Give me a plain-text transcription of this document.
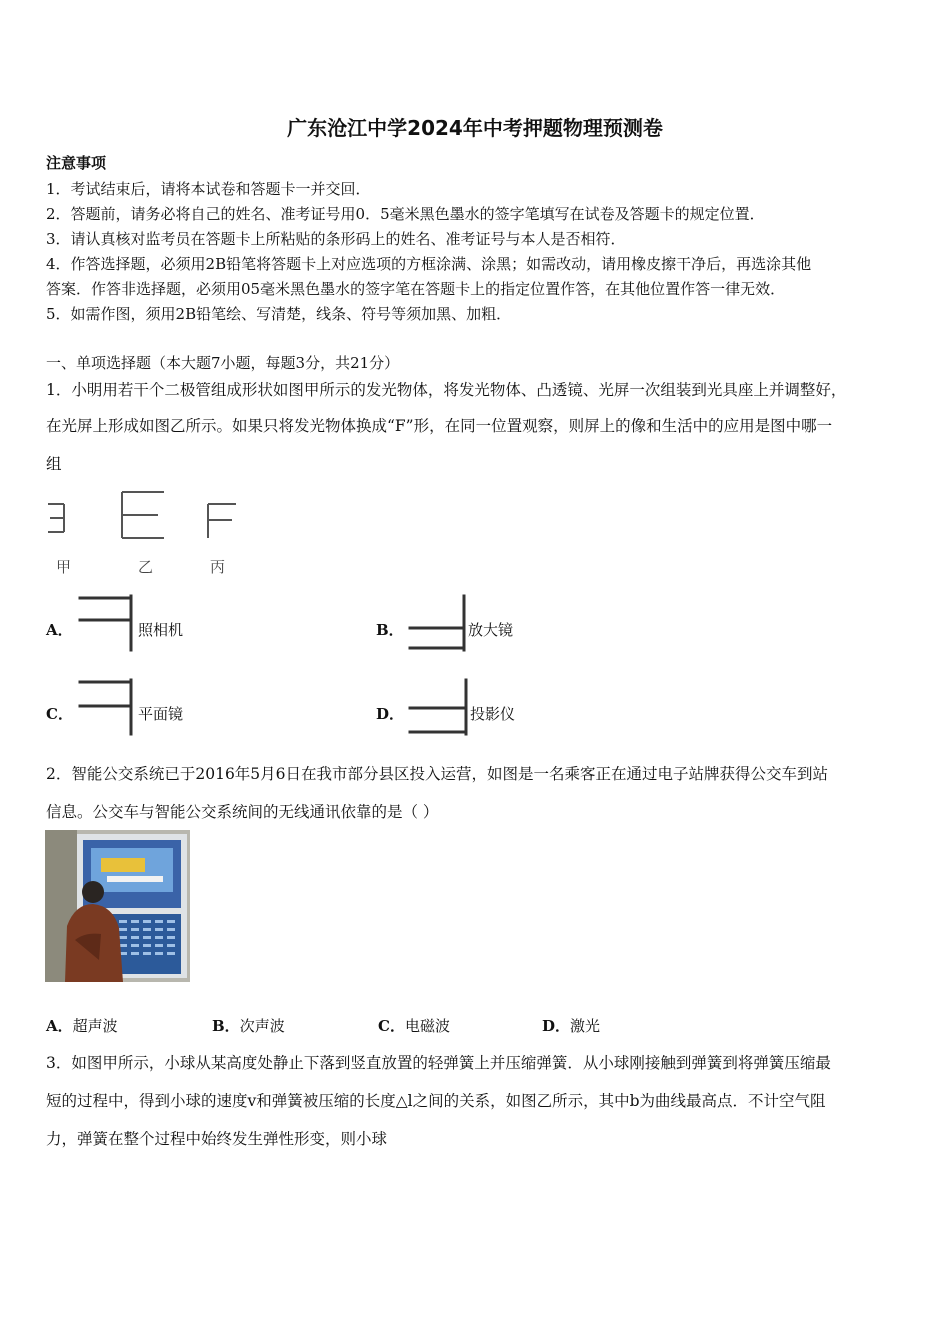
广东沧江中学2024年中考押题物理预测卷
注意事项
1．考试结束后，请将本试卷和答题卡一并交回．
2．答题前，请务必将自己的姓名、准考证号用0．5毫米黑色墨水的签字笔填写在试卷及答题卡的规定位置．
3．请认真核对监考员在答题卡上所粘贴的条形码上的姓名、准考证号与本人是否相符．
4．作答选择题，必须用2B铅笔将答题卡上对应选项的方框涂满、涂黑；如需改动，请用橡皮擦干净后，再选涂其他
答案．作答非选择题，必须用05毫米黑色墨水的签字笔在答题卡上的指定位置作答，在其他位置作答一律无效．
5．如需作图，须用2B铅笔绘、写清楚，线条、符号等须加黑、加粗．
一、单项选择题（本大题7小题，每题3分，共21分）
1．小明用若干个二极管组成形状如图甲所示的发光物体，将发光物体、凸透镜、光屏一次组装到光具座上并调整好，
在光屏上形成如图乙所示。如果只将发光物体换成“F”形，在同一位置观察，则屏上的像和生活中的应用是图中哪一
组
甲	乙	丙
A．	照相机	B．	放大镜
C．	平面镜	D．	投影仪
2．智能公交系统已于2016年5月6日在我市部分县区投入运营，如图是一名乘客正在通过电子站牌获得公交车到站
信息。公交车与智能公交系统间的无线通讯依靠的是（ ）
A．超声波	B．次声波	C．电磁波	D．激光
3．如图甲所示，小球从某高度处静止下落到竖直放置的轻弹簧上并压缩弹簧．从小球刚接触到弹簧到将弹簧压缩最
短的过程中，得到小球的速度v和弹簧被压缩的长度△l之间的关系，如图乙所示，其中b为曲线最高点．不计空气阻
力，弹簧在整个过程中始终发生弹性形变，则小球
